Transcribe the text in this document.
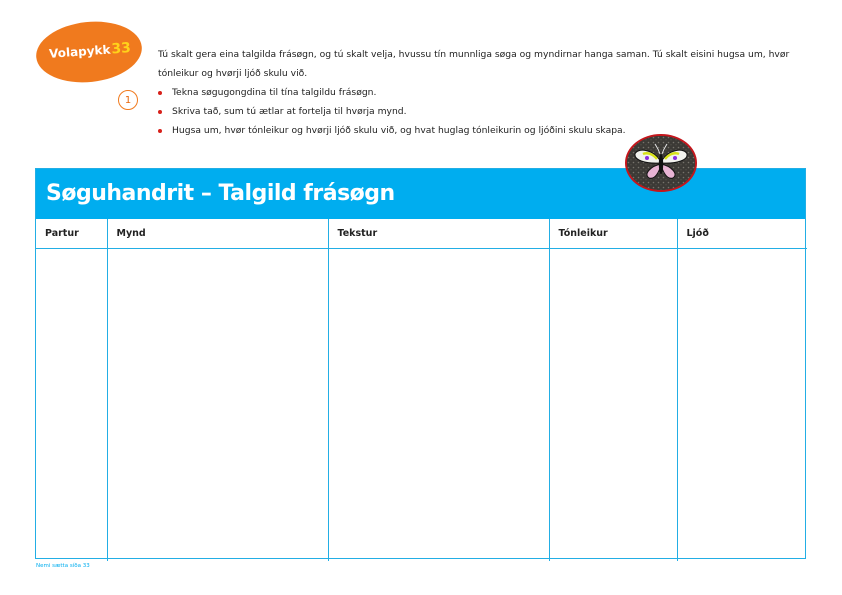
Volapykk33
1

Tú skalt gera eina talgilda frásøgn, og tú skalt velja, hvussu tín munnliga søga og myndirnar hanga saman. Tú skalt eisini hugsa um, hvør tónleikur og hvørji ljóð skulu við.

Tekna søgugongdina til tína talgildu frásøgn.
Skriva tað, sum tú ætlar at fortelja til hvørja mynd.
Hugsa um, hvør tónleikur og hvørji ljóð skulu við, og hvat huglag tónleikurin og ljóðini skulu skapa.
Søguhandrit – Talgild frásøgn
Partur	Mynd	Tekstur	Tónleikur	Ljóð

Nemi sætta síða 33
